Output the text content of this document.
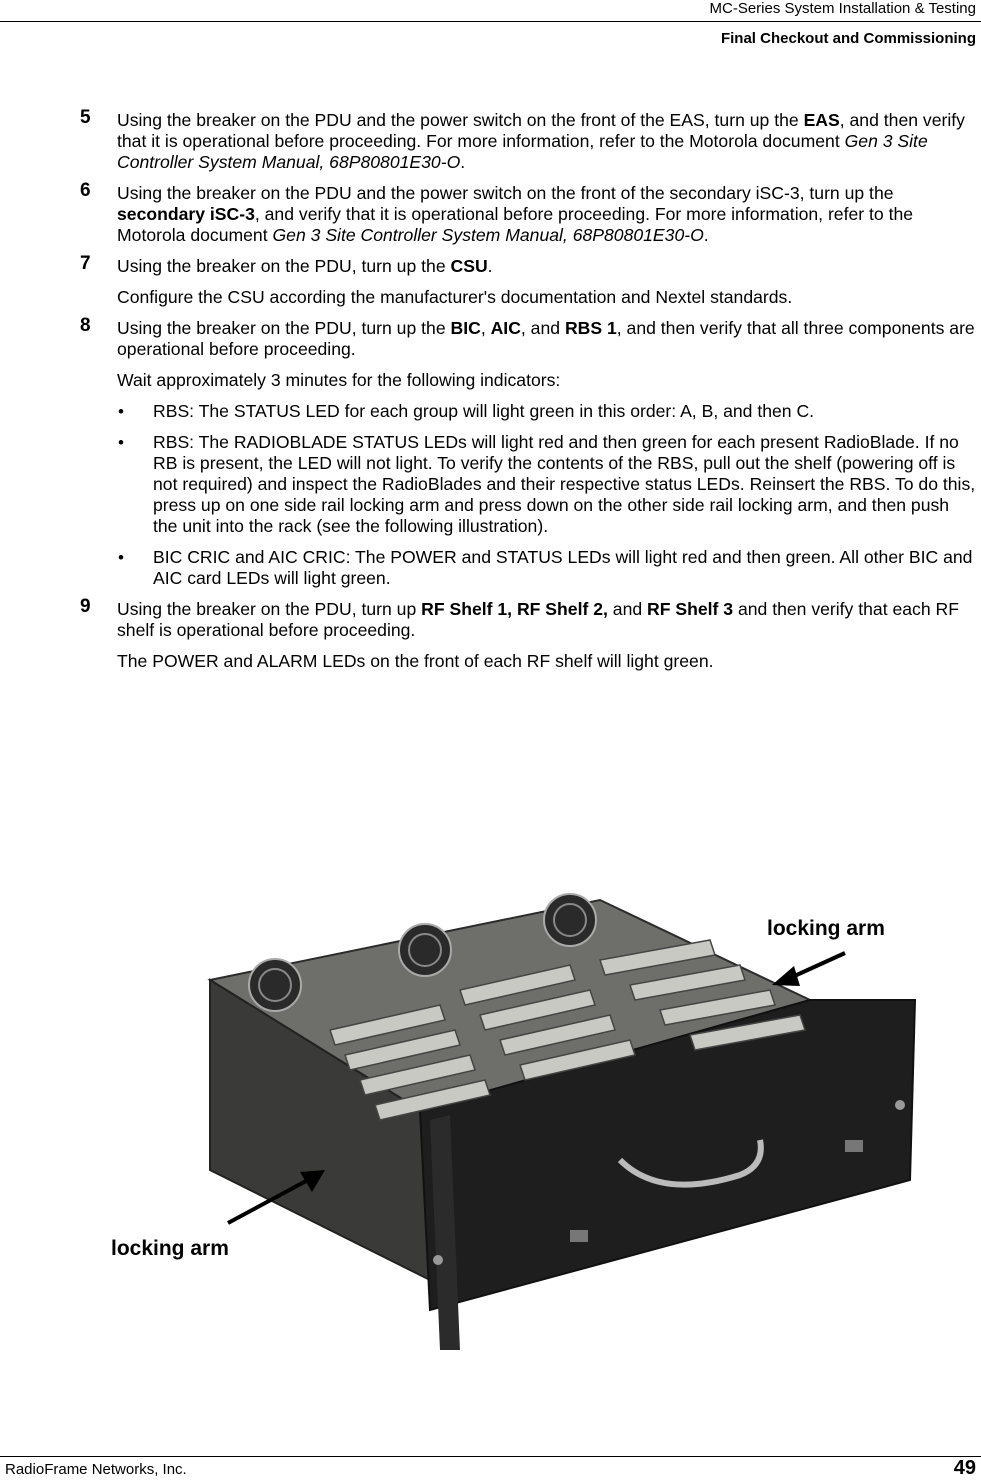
MC-Series System Installation & Testing
Final Checkout and Commissioning
5 Using the breaker on the PDU and the power switch on the front of the EAS, turn up the EAS, and then verify that it is operational before proceeding. For more information, refer to the Motorola document Gen 3 Site Controller System Manual, 68P80801E30-O.
6 Using the breaker on the PDU and the power switch on the front of the secondary iSC-3, turn up the secondary iSC-3, and verify that it is operational before proceeding. For more information, refer to the Motorola document Gen 3 Site Controller System Manual, 68P80801E30-O.
7 Using the breaker on the PDU, turn up the CSU.
Configure the CSU according the manufacturer's documentation and Nextel standards.
8 Using the breaker on the PDU, turn up the BIC, AIC, and RBS 1, and then verify that all three components are operational before proceeding.
Wait approximately 3 minutes for the following indicators:
• RBS: The STATUS LED for each group will light green in this order: A, B, and then C.
• RBS: The RADIOBLADE STATUS LEDs will light red and then green for each present RadioBlade. If no RB is present, the LED will not light. To verify the contents of the RBS, pull out the shelf (powering off is not required) and inspect the RadioBlades and their respective status LEDs. Reinsert the RBS. To do this, press up on one side rail locking arm and press down on the other side rail locking arm, and then push the unit into the rack (see the following illustration).
• BIC CRIC and AIC CRIC: The POWER and STATUS LEDs will light red and then green. All other BIC and AIC card LEDs will light green.
9 Using the breaker on the PDU, turn up RF Shelf 1, RF Shelf 2, and RF Shelf 3 and then verify that each RF shelf is operational before proceeding.
The POWER and ALARM LEDs on the front of each RF shelf will light green.
locking arm
locking arm
RadioFrame Networks, Inc.	49
